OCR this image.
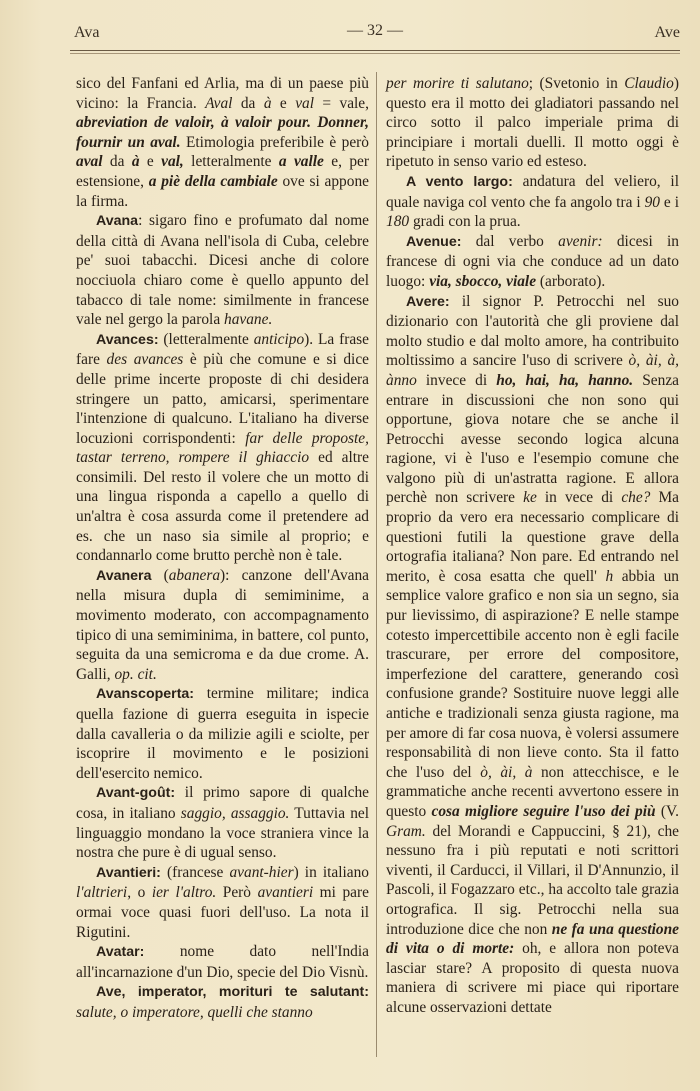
Ava	— 32 —	Ave

sico del Fanfani ed Arlia, ma di un paese più vicino: la Francia. Aval da à e val = vale, abreviation de valoir, à valoir pour. Donner, fournir un aval. Etimologia preferibile è però aval da à e val, letteralmente a valle e, per estensione, a piè della cambiale ove si appone la firma.

Avana: sigaro fino e profumato dal nome della città di Avana nell'isola di Cuba, celebre pe' suoi tabacchi. Dicesi anche di colore nocciuola chiaro come è quello appunto del tabacco di tale nome: similmente in francese vale nel gergo la parola havane.

Avances: (letteralmente anticipo). La frase fare des avances è più che comune e si dice delle prime incerte proposte di chi desidera stringere un patto, amicarsi, sperimentare l'intenzione di qualcuno. L'italiano ha diverse locuzioni corrispondenti: far delle proposte, tastar terreno, rompere il ghiaccio ed altre consimili. Del resto il volere che un motto di una lingua risponda a capello a quello di un'altra è cosa assurda come il pretendere ad es. che un naso sia simile al proprio; e condannarlo come brutto perchè non è tale.

Avanera (abanera): canzone dell'Avana nella misura dupla di semiminime, a movimento moderato, con accompagnamento tipico di una semiminima, in battere, col punto, seguita da una semicroma e da due crome. A. Galli, op. cit.

Avanscoperta: termine militare; indica quella fazione di guerra eseguita in ispecie dalla cavalleria o da milizie agili e sciolte, per iscoprire il movimento e le posizioni dell'esercito nemico.

Avant-goût: il primo sapore di qualche cosa, in italiano saggio, assaggio. Tuttavia nel linguaggio mondano la voce straniera vince la nostra che pure è di ugual senso.

Avantieri: (francese avant-hier) in italiano l'altrieri, o ier l'altro. Però avantieri mi pare ormai voce quasi fuori dell'uso. La nota il Rigutini.

Avatar: nome dato nell'India all'incarnazione d'un Dio, specie del Dio Visnù.

Ave, imperator, morituri te salutant: salute, o imperatore, quelli che stanno

per morire ti salutano; (Svetonio in Claudio) questo era il motto dei gladiatori passando nel circo sotto il palco imperiale prima di principiare i mortali duelli. Il motto oggi è ripetuto in senso vario ed esteso.

A vento largo: andatura del veliero, il quale naviga col vento che fa angolo tra i 90 e i 180 gradi con la prua.

Avenue: dal verbo avenir: dicesi in francese di ogni via che conduce ad un dato luogo: via, sbocco, viale (arborato).

Avere: il signor P. Petrocchi nel suo dizionario con l'autorità che gli proviene dal molto studio e dal molto amore, ha contribuito moltissimo a sancire l'uso di scrivere ò, ài, à, ànno invece di ho, hai, ha, hanno. Senza entrare in discussioni che non sono qui opportune, giova notare che se anche il Petrocchi avesse secondo logica alcuna ragione, vi è l'uso e l'esempio comune che valgono più di un'astratta ragione. E allora perchè non scrivere ke in vece di che? Ma proprio da vero era necessario complicare di questioni futili la questione grave della ortografia italiana? Non pare. Ed entrando nel merito, è cosa esatta che quell' h abbia un semplice valore grafico e non sia un segno, sia pur lievissimo, di aspirazione? E nelle stampe cotesto impercettibile accento non è egli facile trascurare, per errore del compositore, imperfezione del carattere, generando così confusione grande? Sostituire nuove leggi alle antiche e tradizionali senza giusta ragione, ma per amore di far cosa nuova, è volersi assumere responsabilità di non lieve conto. Sta il fatto che l'uso del ò, ài, à non attecchisce, e le grammatiche anche recenti avvertono essere in questo cosa migliore seguire l'uso dei più (V. Gram. del Morandi e Cappuccini, § 21), che nessuno fra i più reputati e noti scrittori viventi, il Carducci, il Villari, il D'Annunzio, il Pascoli, il Fogazzaro etc., ha accolto tale grazia ortografica. Il sig. Petrocchi nella sua introduzione dice che non ne fa una questione di vita o di morte: oh, e allora non poteva lasciar stare? A proposito di questa nuova maniera di scrivere mi piace qui riportare alcune osservazioni dettate
